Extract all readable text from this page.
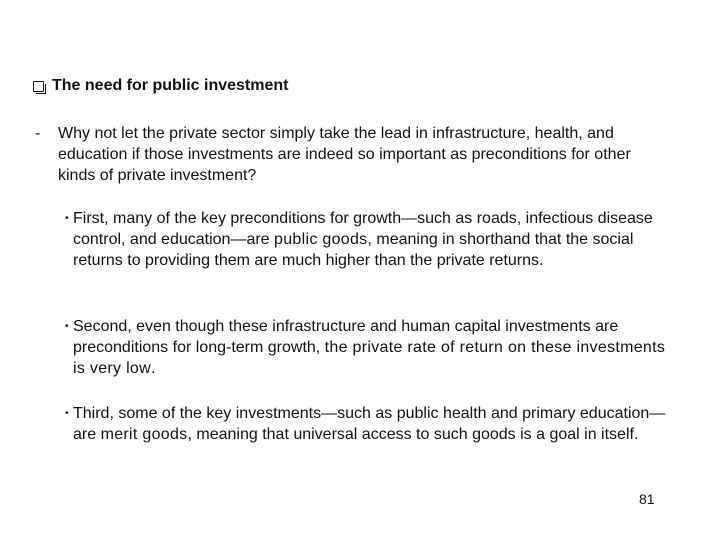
The need for public investment
-	Why not let the private sector simply take the lead in infrastructure, health, and education if those investments are indeed so important as preconditions for other kinds of private investment?
• First, many of the key preconditions for growth—such as roads, infectious disease control, and education—are public goods, meaning in shorthand that the social returns to providing them are much higher than the private returns.
• Second, even though these infrastructure and human capital investments are preconditions for long-term growth, the private rate of return on these investments is very low.
• Third, some of the key investments—such as public health and primary education—are merit goods, meaning that universal access to such goods is a goal in itself.
81
